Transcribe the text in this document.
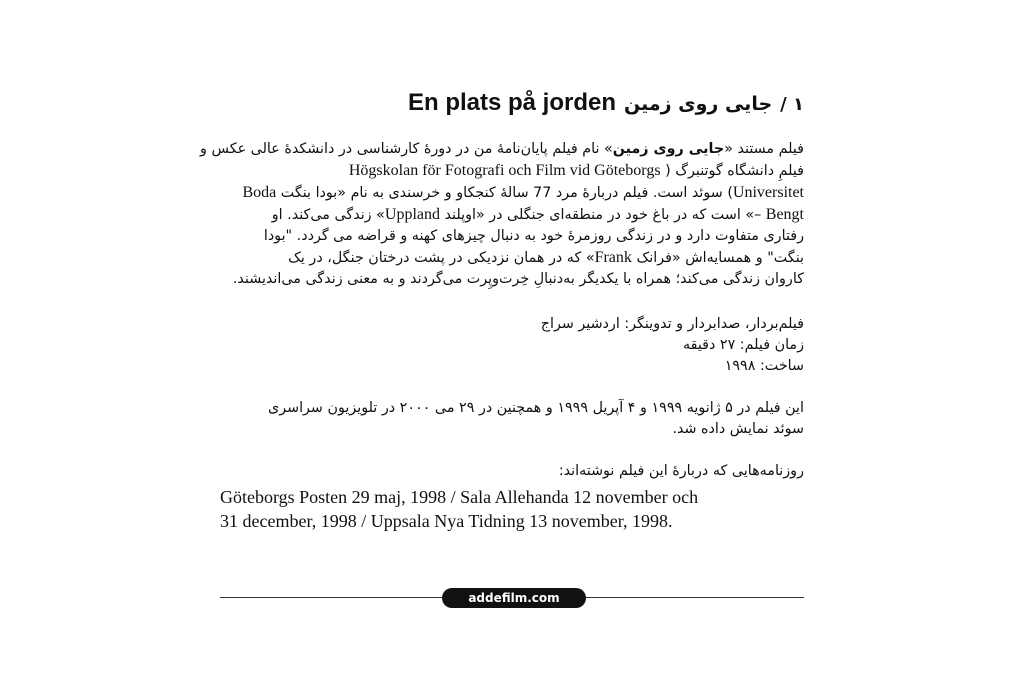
/ ١
جایی روی زمین
En plats på jorden
فیلم مستند «جایی روی زمین» نام فیلم پایان‌نامهٔ من در دورهٔ کارشناسی در دانشکدهٔ عالی عکس و
فیلمِ دانشگاه گوتنبرگ ( Högskolan för Fotografi och Film vid Göteborgs
Universitet) سوئد است. فیلم دربارهٔ مرد 77 سالهٔ کنجکاو و خرسندی به نام «بودا بنگت Boda
Bengt –» است که در باغ خود در منطقه‌ای جنگلی در «اوپلند Uppland» زندگی می‌کند. او
رفتاری متفاوت دارد و در زندگی روزمرهٔ خود به دنبال چیزهای کهنه و قراضه می گردد. "بودا
بنگت" و همسایه‌اش «فرانک Frank» که در همان نزدیکی در پشت درختان جنگل، در یک
کاروان زندگی می‌کند؛ همراه با یکدیگر به‌دنبالِ خِرت‌وپِرت می‌گردند و به معنی زندگی می‌اندیشند.
فیلم‌بردار، صدابردار و تدوینگر: اردشیر سراج
زمان فیلم: ٢٧ دقیقه
ساخت: ١٩٩٨
این فیلم در ۵ ژانویه ١٩٩٩ و ۴ آپریل ١٩٩٩ و همچنین در ٢٩ می ٢٠٠٠ در تلویزیون سراسری
سوئد نمایش داده شد.
روزنامه‌هایی که دربارهٔ این فیلم نوشته‌اند:
Göteborgs Posten 29 maj, 1998 / Sala Allehanda 12 november och
31 december, 1998 / Uppsala Nya Tidning 13 november, 1998.
addefilm.com
